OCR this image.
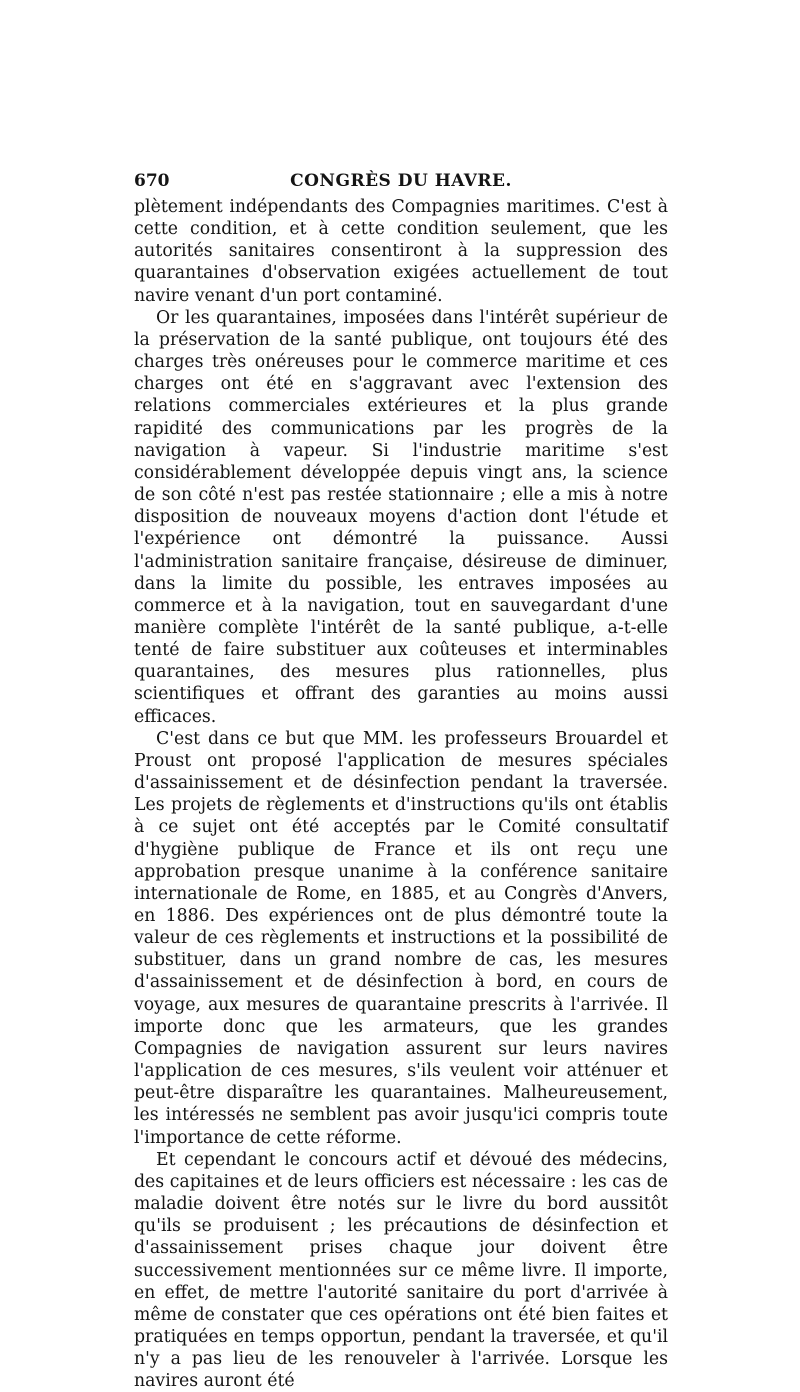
670	CONGRÈS DU HAVRE.

plètement indépendants des Compagnies maritimes. C'est à cette condition, et à cette condition seulement, que les autorités sanitaires consentiront à la suppression des quarantaines d'observation exigées actuellement de tout navire venant d'un port contaminé.

Or les quarantaines, imposées dans l'intérêt supérieur de la préservation de la santé publique, ont toujours été des charges très onéreuses pour le commerce maritime et ces charges ont été en s'aggravant avec l'extension des relations commerciales extérieures et la plus grande rapidité des communications par les progrès de la navigation à vapeur. Si l'industrie maritime s'est considérablement développée depuis vingt ans, la science de son côté n'est pas restée stationnaire ; elle a mis à notre disposition de nouveaux moyens d'action dont l'étude et l'expérience ont démontré la puissance. Aussi l'administration sanitaire française, désireuse de diminuer, dans la limite du possible, les entraves imposées au commerce et à la navigation, tout en sauvegardant d'une manière complète l'intérêt de la santé publique, a-t-elle tenté de faire substituer aux coûteuses et interminables quarantaines, des mesures plus rationnelles, plus scientifiques et offrant des garanties au moins aussi efficaces.

C'est dans ce but que MM. les professeurs Brouardel et Proust ont proposé l'application de mesures spéciales d'assainissement et de désinfection pendant la traversée. Les projets de règlements et d'instructions qu'ils ont établis à ce sujet ont été acceptés par le Comité consultatif d'hygiène publique de France et ils ont reçu une approbation presque unanime à la conférence sanitaire internationale de Rome, en 1885, et au Congrès d'Anvers, en 1886. Des expériences ont de plus démontré toute la valeur de ces règlements et instructions et la possibilité de substituer, dans un grand nombre de cas, les mesures d'assainissement et de désinfection à bord, en cours de voyage, aux mesures de quarantaine prescrits à l'arrivée. Il importe donc que les armateurs, que les grandes Compagnies de navigation assurent sur leurs navires l'application de ces mesures, s'ils veulent voir atténuer et peut-être disparaître les quarantaines. Malheureusement, les intéressés ne semblent pas avoir jusqu'ici compris toute l'importance de cette réforme.

Et cependant le concours actif et dévoué des médecins, des capitaines et de leurs officiers est nécessaire : les cas de maladie doivent être notés sur le livre du bord aussitôt qu'ils se produisent ; les précautions de désinfection et d'assainissement prises chaque jour doivent être successivement mentionnées sur ce même livre. Il importe, en effet, de mettre l'autorité sanitaire du port d'arrivée à même de constater que ces opérations ont été bien faites et pratiquées en temps opportun, pendant la traversée, et qu'il n'y a pas lieu de les renouveler à l'arrivée. Lorsque les navires auront été
